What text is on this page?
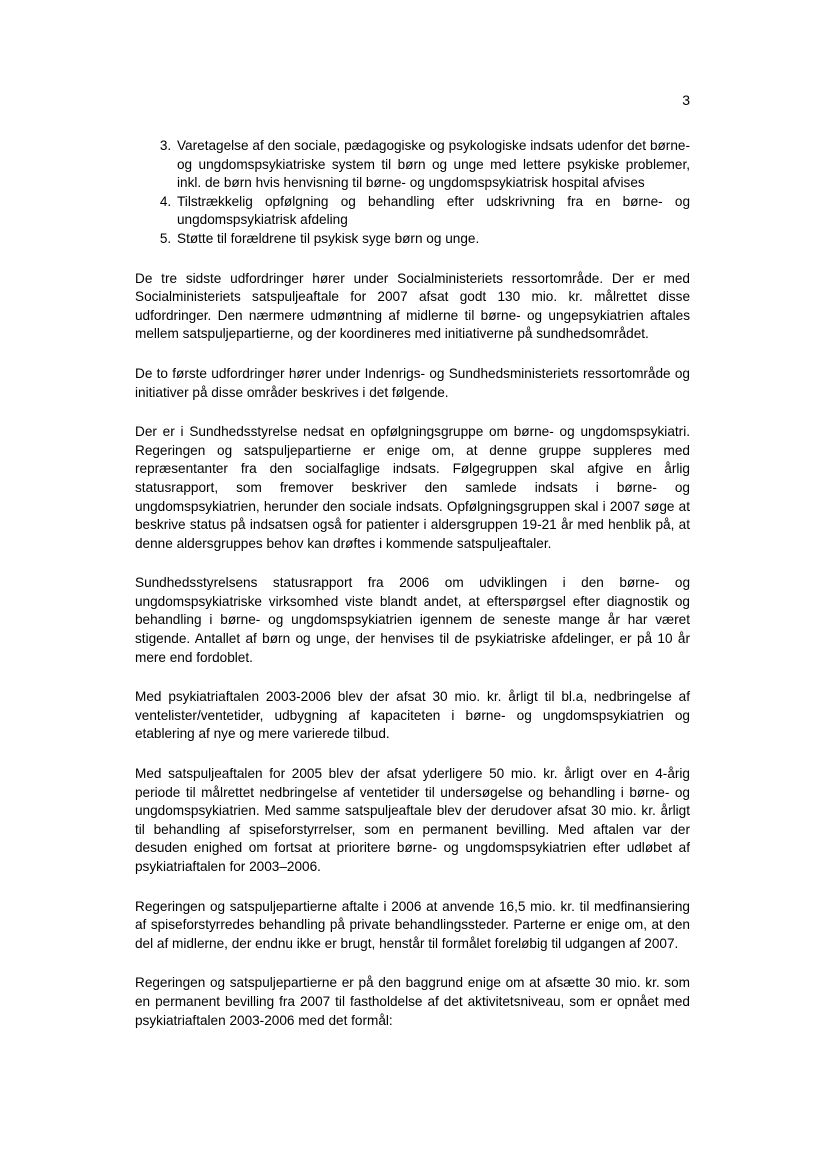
3
3. Varetagelse af den sociale, pædagogiske og psykologiske indsats udenfor det børne- og ungdomspsykiatriske system til børn og unge med lettere psykiske problemer, inkl. de børn hvis henvisning til børne- og ungdomspsykiatrisk hospital afvises
4. Tilstrækkelig opfølgning og behandling efter udskrivning fra en børne- og ungdomspsykiatrisk afdeling
5. Støtte til forældrene til psykisk syge børn og unge.

De tre sidste udfordringer hører under Socialministeriets ressortområde. Der er med Socialministeriets satspuljeaftale for 2007 afsat godt 130 mio. kr. målrettet disse udfordringer. Den nærmere udmøntning af midlerne til børne- og ungepsykiatrien aftales mellem satspuljepartierne, og der koordineres med initiativerne på sundhedsområdet.

De to første udfordringer hører under Indenrigs- og Sundhedsministeriets ressortområde og initiativer på disse områder beskrives i det følgende.

Der er i Sundhedsstyrelse nedsat en opfølgningsgruppe om børne- og ungdomspsykiatri. Regeringen og satspuljepartierne er enige om, at denne gruppe suppleres med repræsentanter fra den socialfaglige indsats. Følgegruppen skal afgive en årlig statusrapport, som fremover beskriver den samlede indsats i børne- og ungdomspsykiatrien, herunder den sociale indsats. Opfølgningsgruppen skal i 2007 søge at beskrive status på indsatsen også for patienter i aldersgruppen 19-21 år med henblik på, at denne aldersgruppes behov kan drøftes i kommende satspuljeaftaler.

Sundhedsstyrelsens statusrapport fra 2006 om udviklingen i den børne- og ungdomspsykiatriske virksomhed viste blandt andet, at efterspørgsel efter diagnostik og behandling i børne- og ungdomspsykiatrien igennem de seneste mange år har været stigende. Antallet af børn og unge, der henvises til de psykiatriske afdelinger, er på 10 år mere end fordoblet.

Med psykiatriaftalen 2003-2006 blev der afsat 30 mio. kr. årligt til bl.a, nedbringelse af ventelister/ventetider, udbygning af kapaciteten i børne- og ungdomspsykiatrien og etablering af nye og mere varierede tilbud.

Med satspuljeaftalen for 2005 blev der afsat yderligere 50 mio. kr. årligt over en 4-årig periode til målrettet nedbringelse af ventetider til undersøgelse og behandling i børne- og ungdomspsykiatrien. Med samme satspuljeaftale blev der derudover afsat 30 mio. kr. årligt til behandling af spiseforstyrrelser, som en permanent bevilling. Med aftalen var der desuden enighed om fortsat at prioritere børne- og ungdomspsykiatrien efter udløbet af psykiatriaftalen for 2003–2006.

Regeringen og satspuljepartierne aftalte i 2006 at anvende 16,5 mio. kr. til medfinansiering af spiseforstyrredes behandling på private behandlingssteder. Parterne er enige om, at den del af midlerne, der endnu ikke er brugt, henstår til formålet foreløbig til udgangen af 2007.

Regeringen og satspuljepartierne er på den baggrund enige om at afsætte 30 mio. kr. som en permanent bevilling fra 2007 til fastholdelse af det aktivitetsniveau, som er opnået med psykiatriaftalen 2003-2006 med det formål:
